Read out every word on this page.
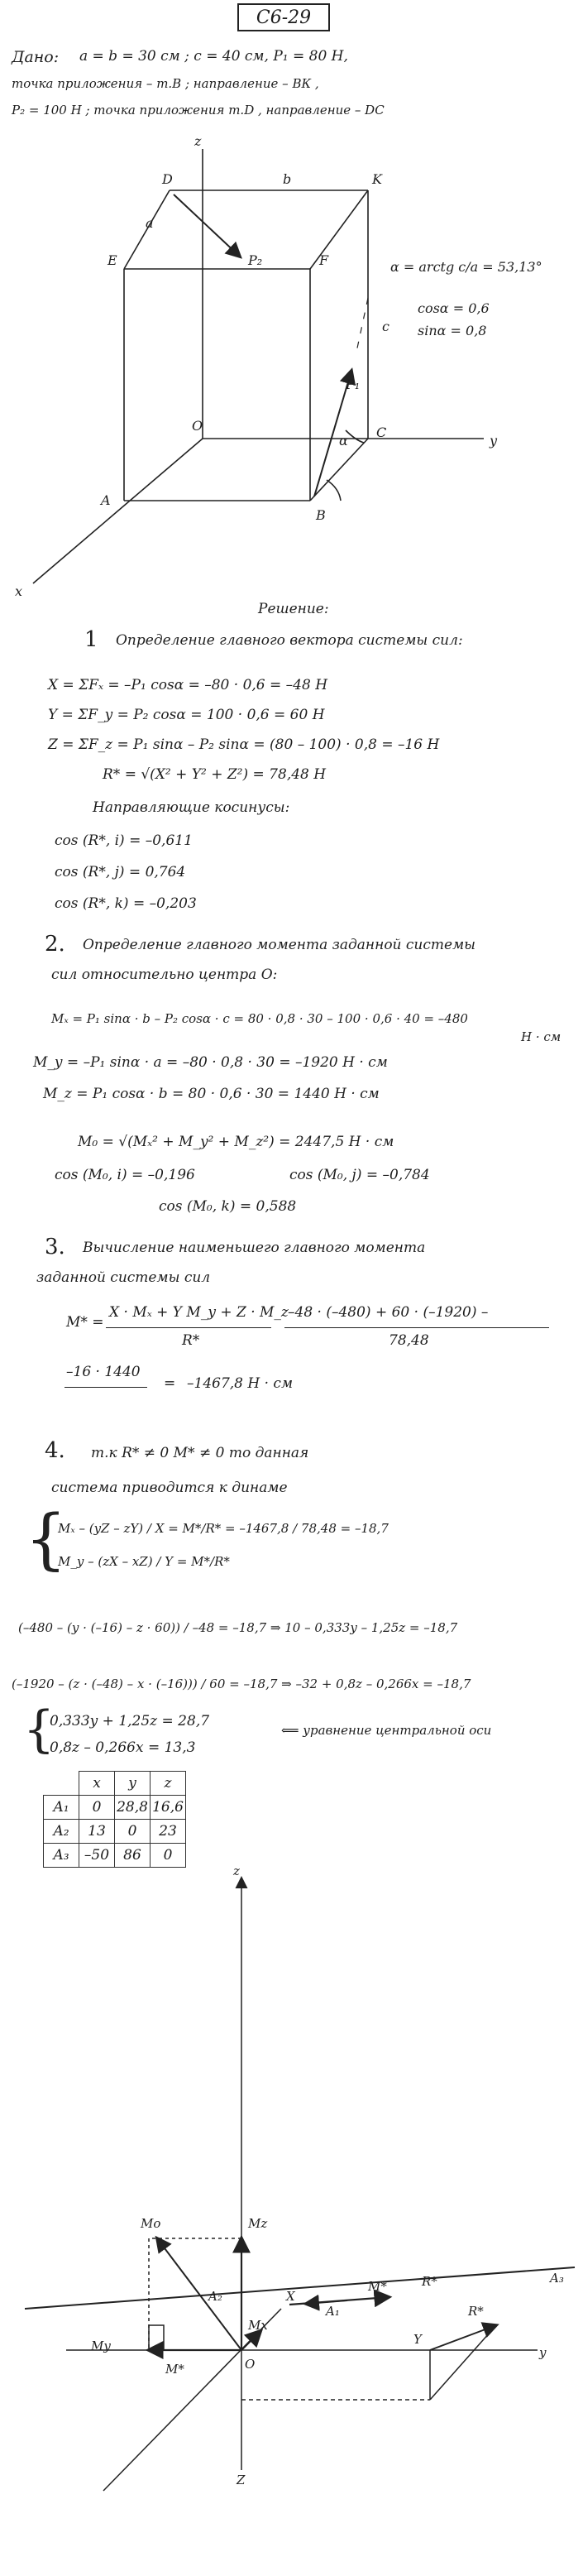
C6-29
Дано: a = b = 30 см ; c = 40 см, P₁ = 80 Н,
точка приложения – т.В ; направление – ВК ,
P₂ = 100 Н ; точка приложения т.D , направление – DC
z
y
x
D	K
E	F
O
A
B
C
a
b
c
P₂
P₁
α
α = arctg c/a = 53,13°
cosα = 0,6
sinα = 0,8
Решение:
1 Определение главного вектора системы сил:
X = ΣFₓ = –P₁ cosα = –80 · 0,6 = –48 Н
Y = ΣF_y = P₂ cosα = 100 · 0,6 = 60 Н
Z = ΣF_z = P₁ sinα – P₂ sinα = (80 – 100) · 0,8 = –16 Н
R* = √(X² + Y² + Z²) = 78,48 Н
Направляющие косинусы:
cos (R*, i) = –0,611
cos (R*, j) = 0,764
cos (R*, k) = –0,203
2. Определение главного момента заданной системы
сил относительно центра O:
Mₓ = P₁ sinα · b – P₂ cosα · c = 80 · 0,8 · 30 – 100 · 0,6 · 40 = –480
Н · см
M_y = –P₁ sinα · a = –80 · 0,8 · 30 = –1920 Н · см
M_z = P₁ cosα · b = 80 · 0,6 · 30 = 1440 Н · см
M₀ = √(Mₓ² + M_y² + M_z²) = 2447,5 Н · см
cos (M₀, i) = –0,196	cos (M₀, j) = –0,784
cos (M₀, k) = 0,588
3. Вычисление наименьшего главного момента
заданной системы сил
M* =
X · Mₓ + Y M_y + Z · M_z
R*
–48 · (–480) + 60 · (–1920) –
78,48
–16 · 1440
= –1467,8 Н · см
4. т.к R* ≠ 0 M* ≠ 0 то данная
система приводится к динаме
{
Mₓ – (yZ – zY) / X = M*/R* = –1467,8 / 78,48 = –18,7
M_y – (zX – xZ) / Y = M*/R*
(–480 – (y · (–16) – z · 60)) / –48 = –18,7 ⇒ 10 – 0,333y – 1,25z = –18,7
(–1920 – (z · (–48) – x · (–16))) / 60 = –18,7 ⇒ –32 + 0,8z – 0,266x = –18,7
{
0,333y + 1,25z = 28,7
0,8z – 0,266x = 13,3
⟸ уравнение центральной оси
	x	y	z
A₁	0	28,8	16,6
A₂	13	0	23
A₃	–50	86	0
z
Mz
Mo
A₂	X
A₁
M*	R*	A₃
My
Mx
O
Y
R*
y
Z
M*
